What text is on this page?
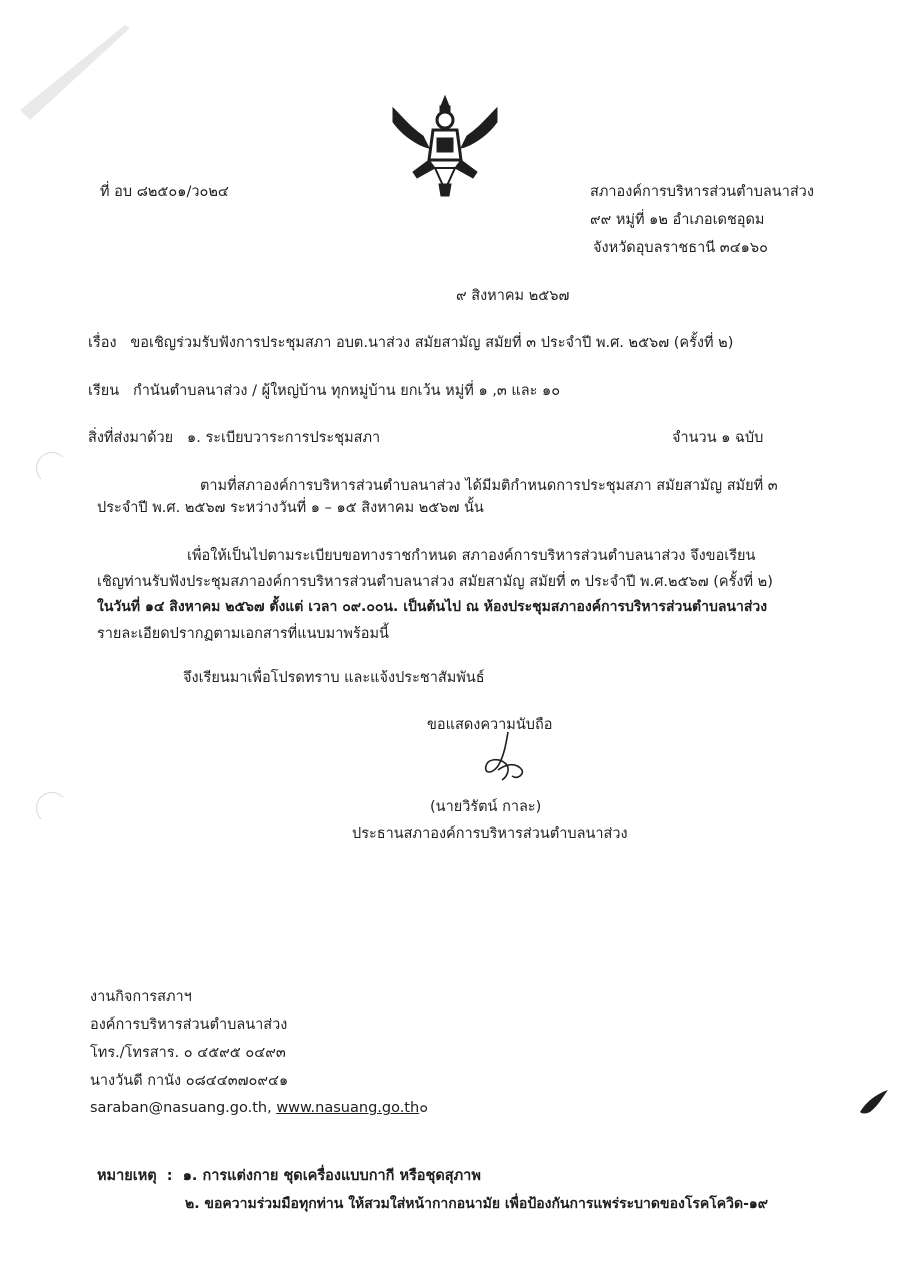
ที่ อบ ๘๒๕๐๑/ว๐๒๔	สภาองค์การบริหารส่วนตำบลนาส่วง
๙๙ หมู่ที่ ๑๒ อำเภอเดชอุดม
จังหวัดอุบลราชธานี ๓๔๑๖๐
๙ สิงหาคม ๒๕๖๗
เรื่อง ขอเชิญร่วมรับฟังการประชุมสภา อบต.นาส่วง สมัยสามัญ สมัยที่ ๓ ประจำปี พ.ศ. ๒๕๖๗ (ครั้งที่ ๒)
เรียน กำนันตำบลนาส่วง / ผู้ใหญ่บ้าน ทุกหมู่บ้าน ยกเว้น หมู่ที่ ๑ ,๓ และ ๑๐
สิ่งที่ส่งมาด้วย ๑. ระเบียบวาระการประชุมสภา	จำนวน ๑ ฉบับ
ตามที่สภาองค์การบริหารส่วนตำบลนาส่วง ได้มีมติกำหนดการประชุมสภา สมัยสามัญ สมัยที่ ๓
ประจำปี พ.ศ. ๒๕๖๗ ระหว่างวันที่ ๑ – ๑๕ สิงหาคม ๒๕๖๗ นั้น
เพื่อให้เป็นไปตามระเบียบขอทางราชกำหนด สภาองค์การบริหารส่วนตำบลนาส่วง จึงขอเรียน
เชิญท่านรับฟังประชุมสภาองค์การบริหารส่วนตำบลนาส่วง สมัยสามัญ สมัยที่ ๓ ประจำปี พ.ศ.๒๕๖๗ (ครั้งที่ ๒)
ในวันที่ ๑๔ สิงหาคม ๒๕๖๗ ตั้งแต่ เวลา ๐๙.๐๐น. เป็นต้นไป ณ ห้องประชุมสภาองค์การบริหารส่วนตำบลนาส่วง
รายละเอียดปรากฏตามเอกสารที่แนบมาพร้อมนี้
จึงเรียนมาเพื่อโปรดทราบ และแจ้งประชาสัมพันธ์
ขอแสดงความนับถือ
(นายวิรัตน์ กาละ)
ประธานสภาองค์การบริหารส่วนตำบลนาส่วง
งานกิจการสภาฯ
องค์การบริหารส่วนตำบลนาส่วง
โทร./โทรสาร. ๐ ๔๕๙๕ ๐๔๙๓
นางวันดี กานัง ๐๘๔๔๓๗๐๙๔๑
saraban@nasuang.go.th, www.nasuang.go.th๐
หมายเหตุ  :  ๑. การแต่งกาย ชุดเครื่องแบบกากี หรือชุดสุภาพ
๒. ขอความร่วมมือทุกท่าน ให้สวมใส่หน้ากากอนามัย เพื่อป้องกันการแพร่ระบาดของโรคโควิด-๑๙
